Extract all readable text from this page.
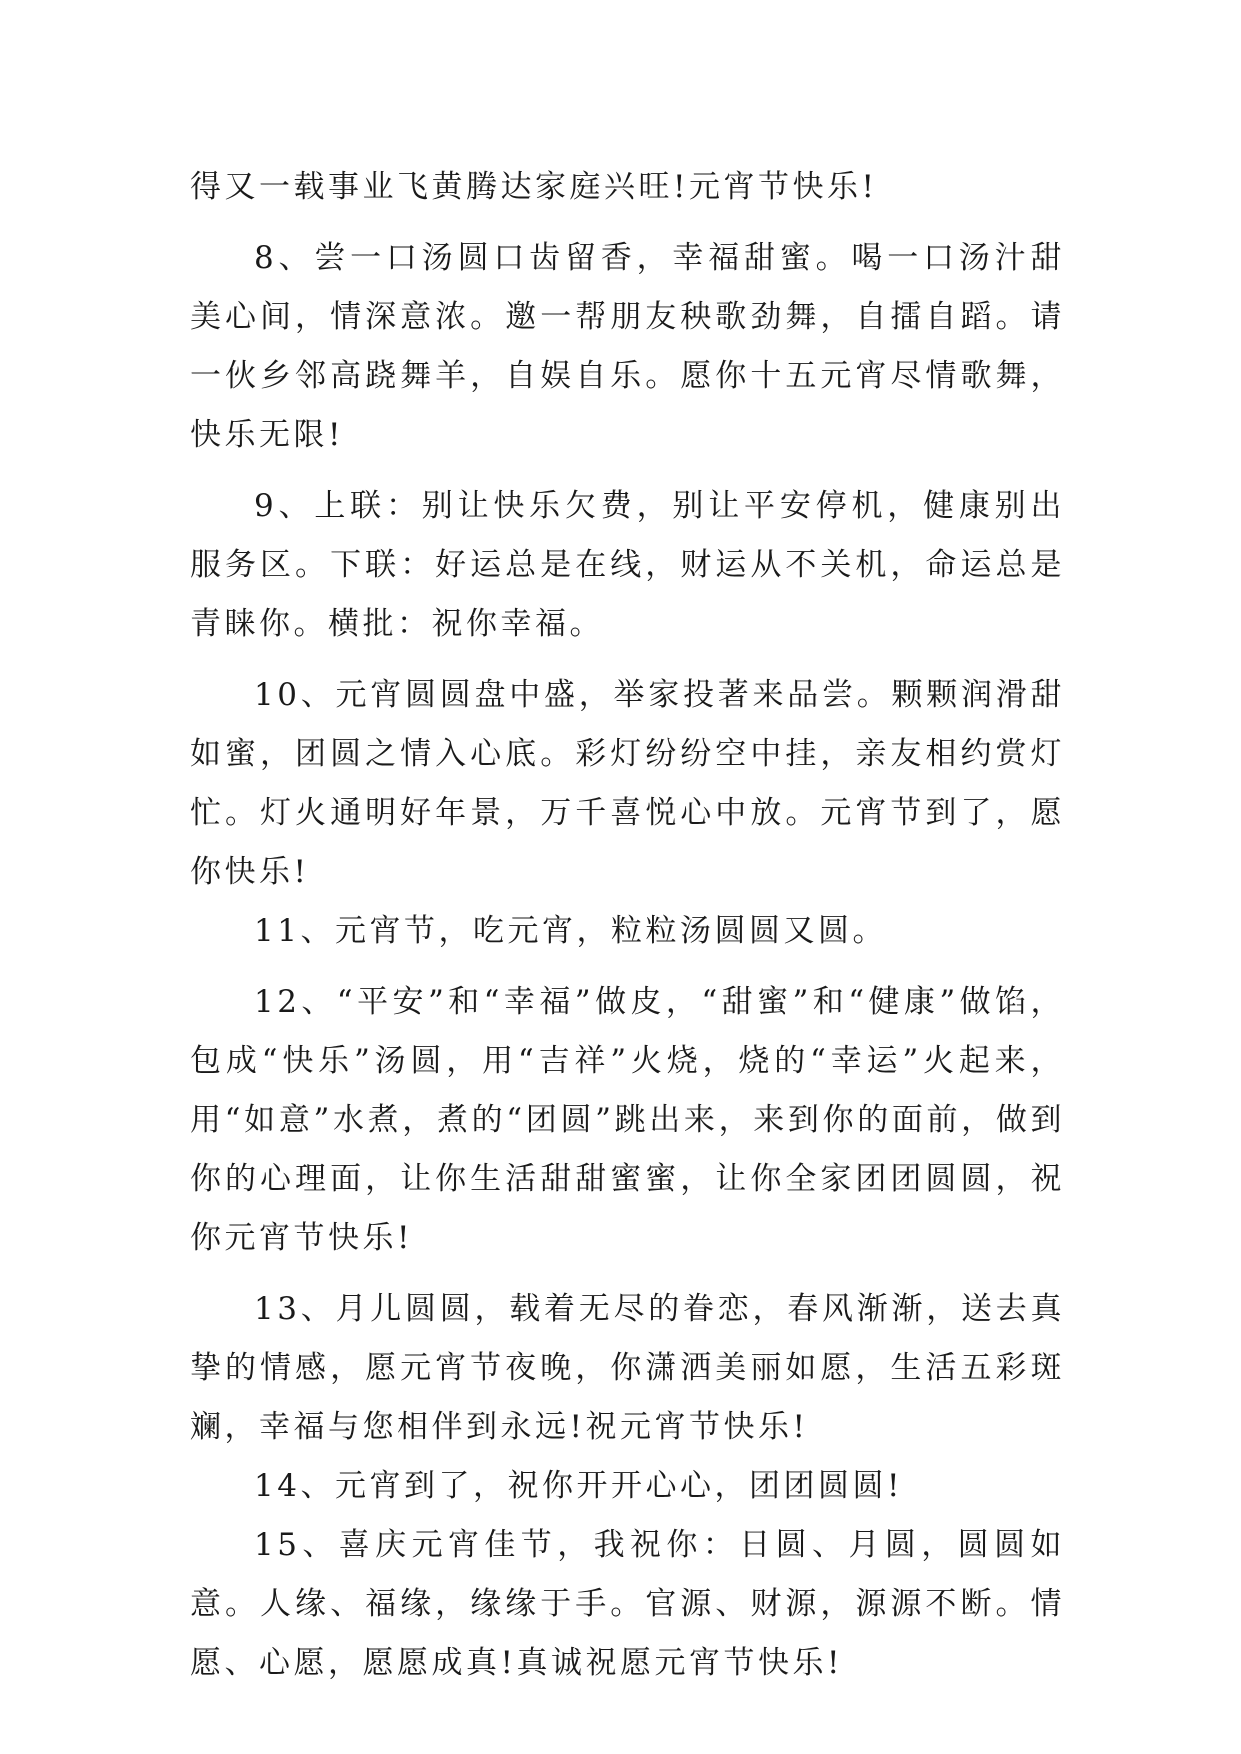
得又一载事业飞黄腾达家庭兴旺!元宵节快乐!

8、尝一口汤圆口齿留香，幸福甜蜜。喝一口汤汁甜美心间，情深意浓。邀一帮朋友秧歌劲舞，自擂自蹈。请一伙乡邻高跷舞羊，自娱自乐。愿你十五元宵尽情歌舞，快乐无限!

9、上联：别让快乐欠费，别让平安停机，健康别出服务区。下联：好运总是在线，财运从不关机，命运总是青睐你。横批：祝你幸福。

10、元宵圆圆盘中盛，举家投著来品尝。颗颗润滑甜如蜜，团圆之情入心底。彩灯纷纷空中挂，亲友相约赏灯忙。灯火通明好年景，万千喜悦心中放。元宵节到了，愿你快乐!

11、元宵节，吃元宵，粒粒汤圆圆又圆。

12、“平安”和“幸福”做皮，“甜蜜”和“健康”做馅，包成“快乐”汤圆，用“吉祥”火烧，烧的“幸运”火起来，用“如意”水煮，煮的“团圆”跳出来，来到你的面前，做到你的心理面，让你生活甜甜蜜蜜，让你全家团团圆圆，祝你元宵节快乐!

13、月儿圆圆，载着无尽的眷恋，春风渐渐，送去真挚的情感，愿元宵节夜晚，你潇洒美丽如愿，生活五彩斑斓，幸福与您相伴到永远!祝元宵节快乐!

14、元宵到了，祝你开开心心，团团圆圆!

15、喜庆元宵佳节，我祝你：日圆、月圆，圆圆如意。人缘、福缘，缘缘于手。官源、财源，源源不断。情愿、心愿，愿愿成真!真诚祝愿元宵节快乐!
